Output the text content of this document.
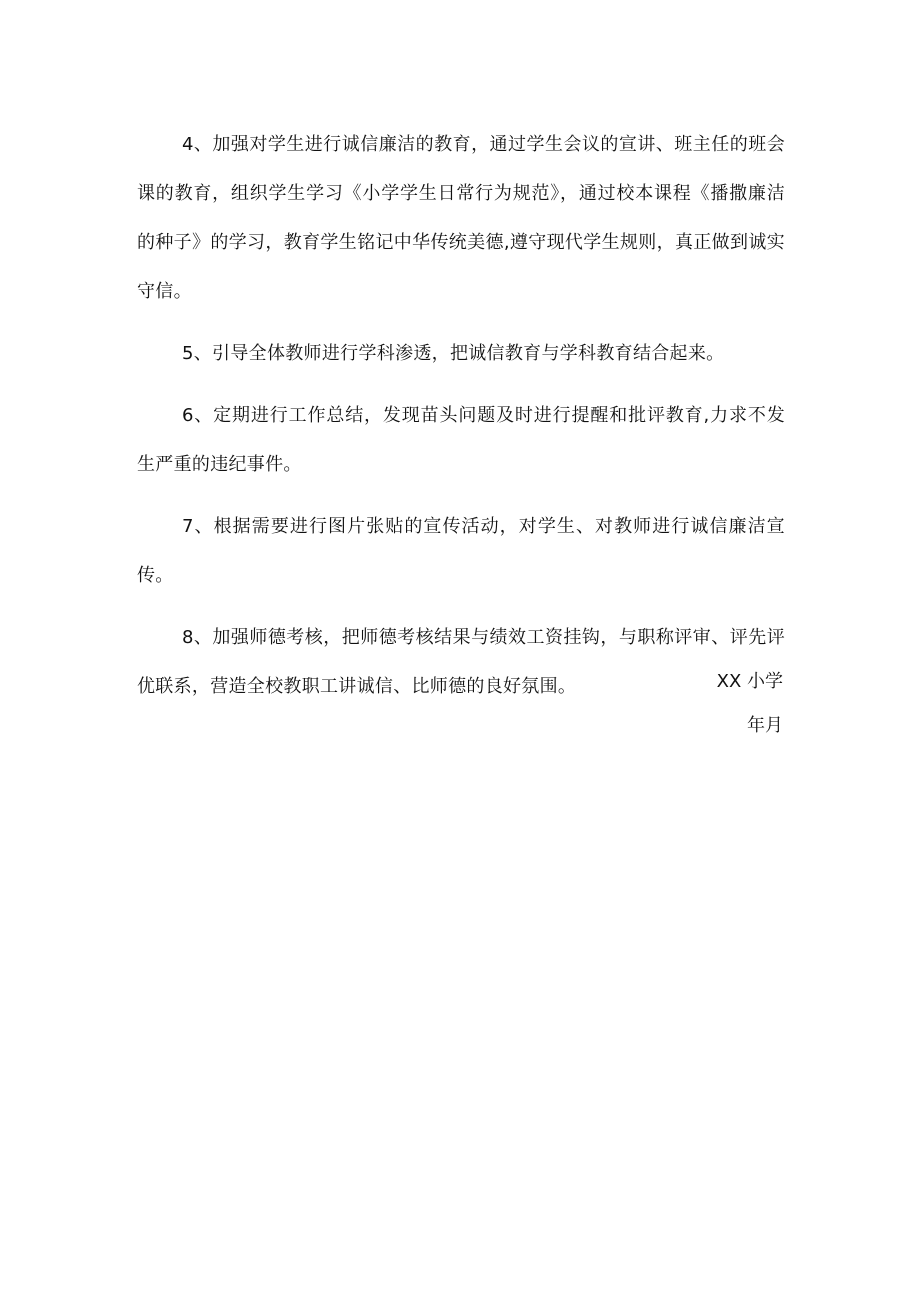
4、加强对学生进行诚信廉洁的教育，通过学生会议的宣讲、班主任的班会课的教育，组织学生学习《小学学生日常行为规范》，通过校本课程《播撒廉洁的种子》的学习，教育学生铭记中华传统美德,遵守现代学生规则，真正做到诚实守信。

5、引导全体教师进行学科渗透，把诚信教育与学科教育结合起来。

6、定期进行工作总结，发现苗头问题及时进行提醒和批评教育,力求不发生严重的违纪事件。

7、根据需要进行图片张贴的宣传活动，对学生、对教师进行诚信廉洁宣传。

8、加强师德考核，把师德考核结果与绩效工资挂钩，与职称评审、评先评优联系，营造全校教职工讲诚信、比师德的良好氛围。	XX 小学
年月
